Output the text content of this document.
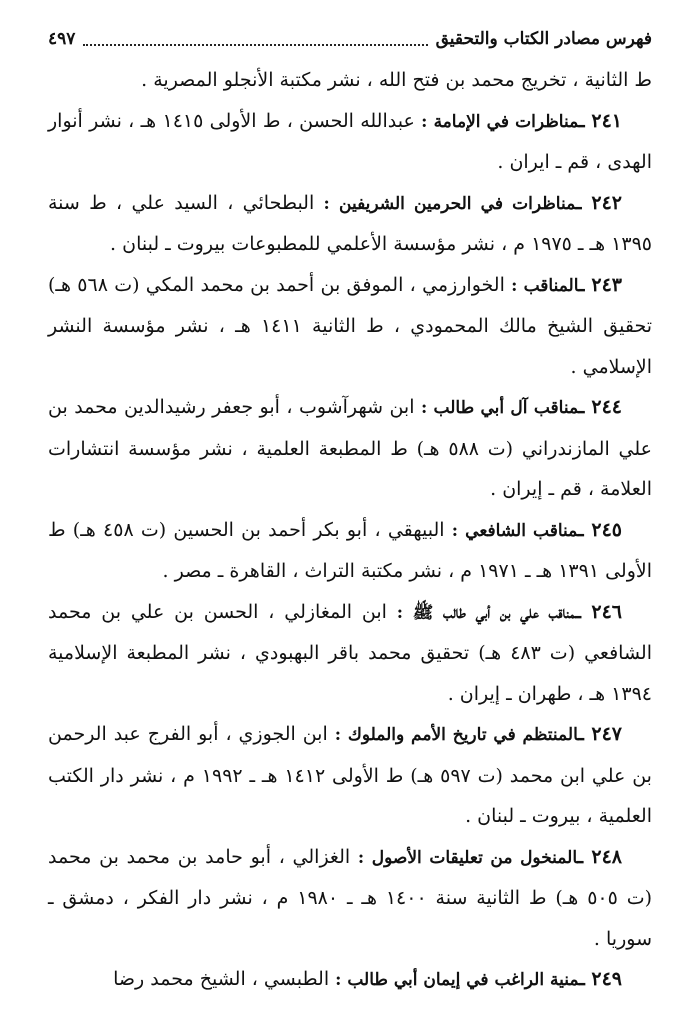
فهرس مصادر الكتاب والتحقيق
٤٩٧

ط الثانية ، تخريج محمد بن فتح الله ، نشر مكتبة الأنجلو المصرية .

٢٤١ ـمناظرات في الإمامة : عبدالله الحسن ، ط الأولى ١٤١٥ هـ ، نشر أنوار الهدى ، قم ـ ايران .

٢٤٢ ـمناظرات في الحرمين الشريفين : البطحائي ، السيد علي ، ط سنة ١٣٩٥ هـ ـ ١٩٧٥ م ، نشر مؤسسة الأعلمي للمطبوعات بيروت ـ لبنان .

٢٤٣ ـالمناقب : الخوارزمي ، الموفق بن أحمد بن محمد المكي (ت ٥٦٨ هـ) تحقيق الشيخ مالك المحمودي ، ط الثانية ١٤١١ هـ ، نشر مؤسسة النشر الإسلامي .

٢٤٤ ـمناقب آل أبي طالب : ابن شهرآشوب ، أبو جعفر رشيدالدين محمد بن علي المازندراني (ت ٥٨٨ هـ) ط المطبعة العلمية ، نشر مؤسسة انتشارات العلامة ، قم ـ إيران .

٢٤٥ ـمناقب الشافعي : البيهقي ، أبو بكر أحمد بن الحسين (ت ٤٥٨ هـ) ط الأولى ١٣٩١ هـ ـ ١٩٧١ م ، نشر مكتبة التراث ، القاهرة ـ مصر .

٢٤٦ ـمناقب علي بن أبي طالب ﷺ : ابن المغازلي ، الحسن بن علي بن محمد الشافعي (ت ٤٨٣ هـ) تحقيق محمد باقر البهبودي ، نشر المطبعة الإسلامية ١٣٩٤ هـ ، طهران ـ إيران .

٢٤٧ ـالمنتظم في تاريخ الأمم والملوك : ابن الجوزي ، أبو الفرج عبد الرحمن بن علي ابن محمد (ت ٥٩٧ هـ) ط الأولى ١٤١٢ هـ ـ ١٩٩٢ م ، نشر دار الكتب العلمية ، بيروت ـ لبنان .

٢٤٨ ـالمنخول من تعليقات الأصول : الغزالي ، أبو حامد بن محمد بن محمد (ت ٥٠٥ هـ) ط الثانية سنة ١٤٠٠ هـ ـ ١٩٨٠ م ، نشر دار الفكر ، دمشق ـ سوريا .

٢٤٩ ـمنية الراغب في إيمان أبي طالب : الطبسي ، الشيخ محمد رضا
